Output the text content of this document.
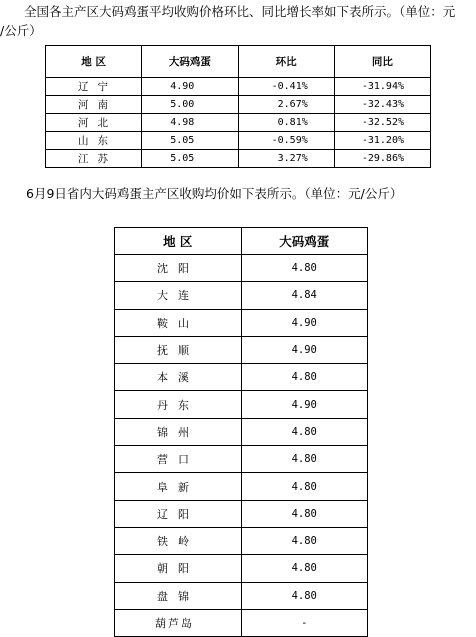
全国各主产区大码鸡蛋平均收购价格环比、同比增长率如下表所示。（单位：元
/公斤）
地 区	大码鸡蛋	环比	同比
辽宁	4.90	-0.41%	-31.94%
河南	5.00	2.67%	-32.43%
河北	4.98	0.81%	-32.52%
山东	5.05	-0.59%	-31.20%
江苏	5.05	3.27%	-29.86%
6月9日省内大码鸡蛋主产区收购均价如下表所示。（单位：元/公斤）
地 区	大码鸡蛋
沈阳	4.80
大连	4.84
鞍山	4.90
抚顺	4.90
本溪	4.80
丹东	4.90
锦州	4.80
营口	4.80
阜新	4.80
辽阳	4.80
铁岭	4.80
朝阳	4.80
盘锦	4.80
葫芦岛	-
